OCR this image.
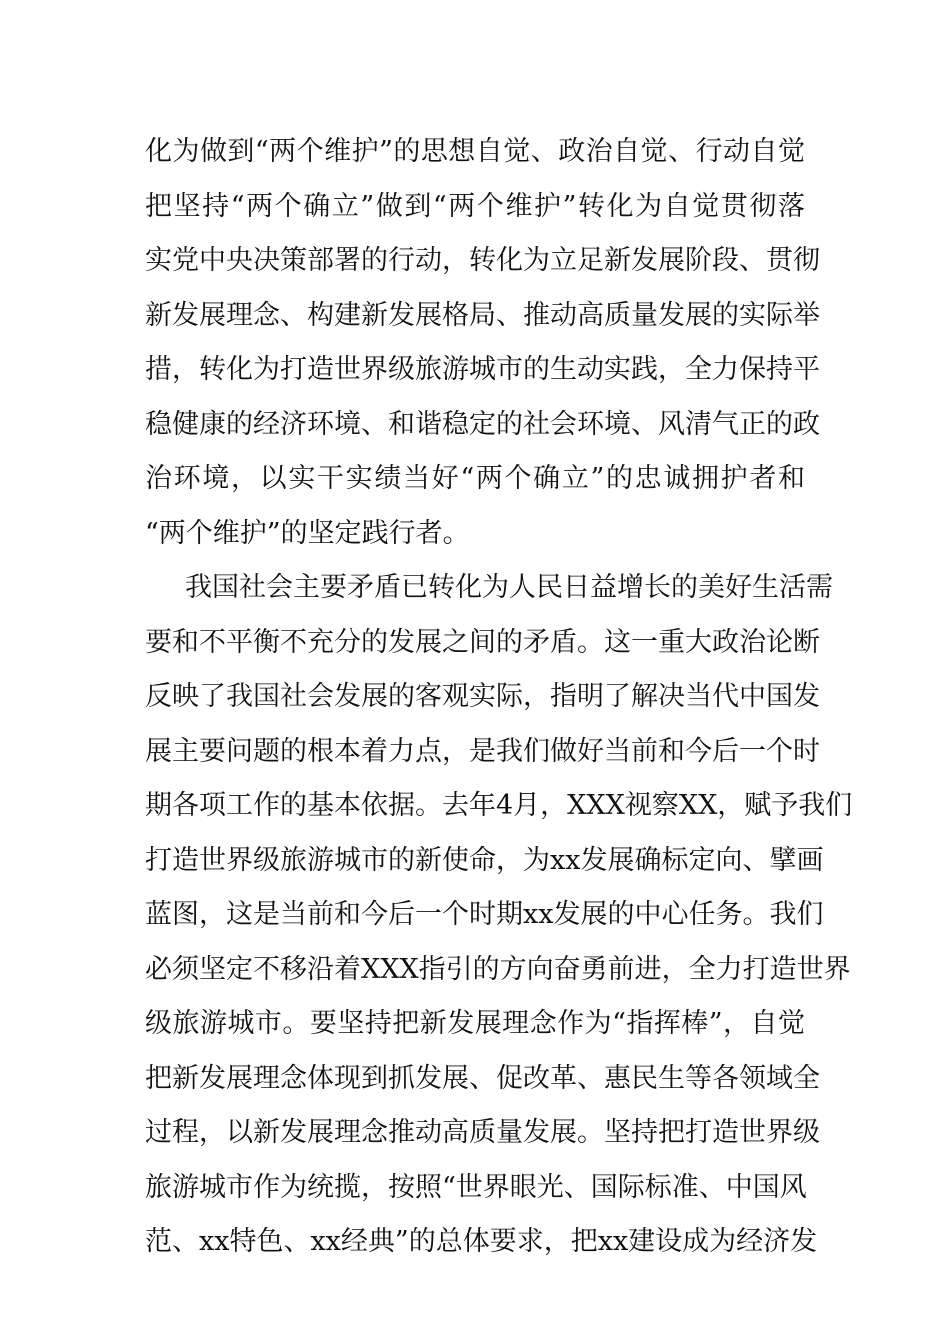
化为做到“两个维护”的思想自觉、政治自觉、行动自觉
把坚持“两个确立”做到“两个维护”转化为自觉贯彻落
实党中央决策部署的行动，转化为立足新发展阶段、贯彻
新发展理念、构建新发展格局、推动高质量发展的实际举
措，转化为打造世界级旅游城市的生动实践，全力保持平
稳健康的经济环境、和谐稳定的社会环境、风清气正的政
治环境，以实干实绩当好“两个确立”的忠诚拥护者和
“两个维护”的坚定践行者。
我国社会主要矛盾已转化为人民日益增长的美好生活需
要和不平衡不充分的发展之间的矛盾。这一重大政治论断
反映了我国社会发展的客观实际，指明了解决当代中国发
展主要问题的根本着力点，是我们做好当前和今后一个时
期各项工作的基本依据。去年4月，XXX视察XX，赋予我们
打造世界级旅游城市的新使命，为xx发展确标定向、擘画
蓝图，这是当前和今后一个时期xx发展的中心任务。我们
必须坚定不移沿着XXX指引的方向奋勇前进，全力打造世界
级旅游城市。要坚持把新发展理念作为“指挥棒”，自觉
把新发展理念体现到抓发展、促改革、惠民生等各领域全
过程，以新发展理念推动高质量发展。坚持把打造世界级
旅游城市作为统揽，按照“世界眼光、国际标准、中国风
范、xx特色、xx经典”的总体要求，把xx建设成为经济发
